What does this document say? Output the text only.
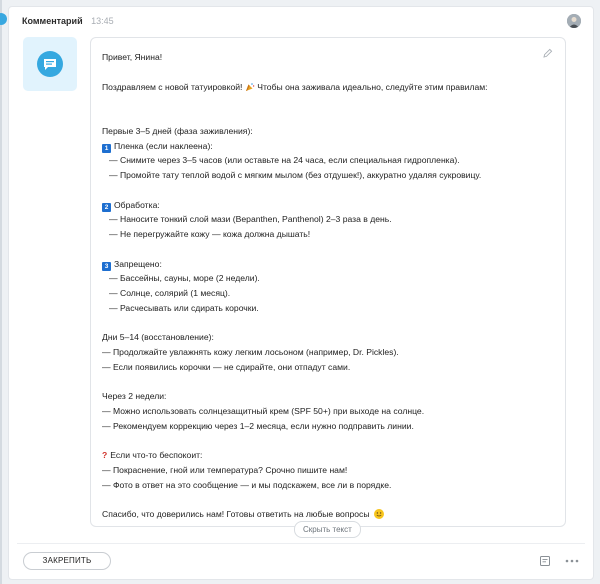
Комментарий 13:45
Привет, Янина!
Поздравляем с новой татуировкой! Чтобы она заживала идеально, следуйте этим правилам:
Первые 3–5 дней (фаза заживления):
1 Пленка (если наклеена):
— Снимите через 3–5 часов (или оставьте на 24 часа, если специальная гидропленка).
— Промойте тату теплой водой с мягким мылом (без отдушек!), аккуратно удаляя сукровицу.
2 Обработка:
— Наносите тонкий слой мази (Bepanthen, Panthenol) 2–3 раза в день.
— Не перегружайте кожу — кожа должна дышать!
3 Запрещено:
— Бассейны, сауны, море (2 недели).
— Солнце, солярий (1 месяц).
— Расчесывать или сдирать корочки.
Дни 5–14 (восстановление):
— Продолжайте увлажнять кожу легким лосьоном (например, Dr. Pickles).
— Если появились корочки — не сдирайте, они отпадут сами.
Через 2 недели:
— Можно использовать солнцезащитный крем (SPF 50+) при выходе на солнце.
— Рекомендуем коррекцию через 1–2 месяца, если нужно подправить линии.
? Если что-то беспокоит:
— Покраснение, гной или температура? Срочно пишите нам!
— Фото в ответ на это сообщение — и мы подскажем, все ли в порядке.
Спасибо, что доверились нам! Готовы ответить на любые вопросы
Скрыть текст
ЗАКРЕПИТЬ
